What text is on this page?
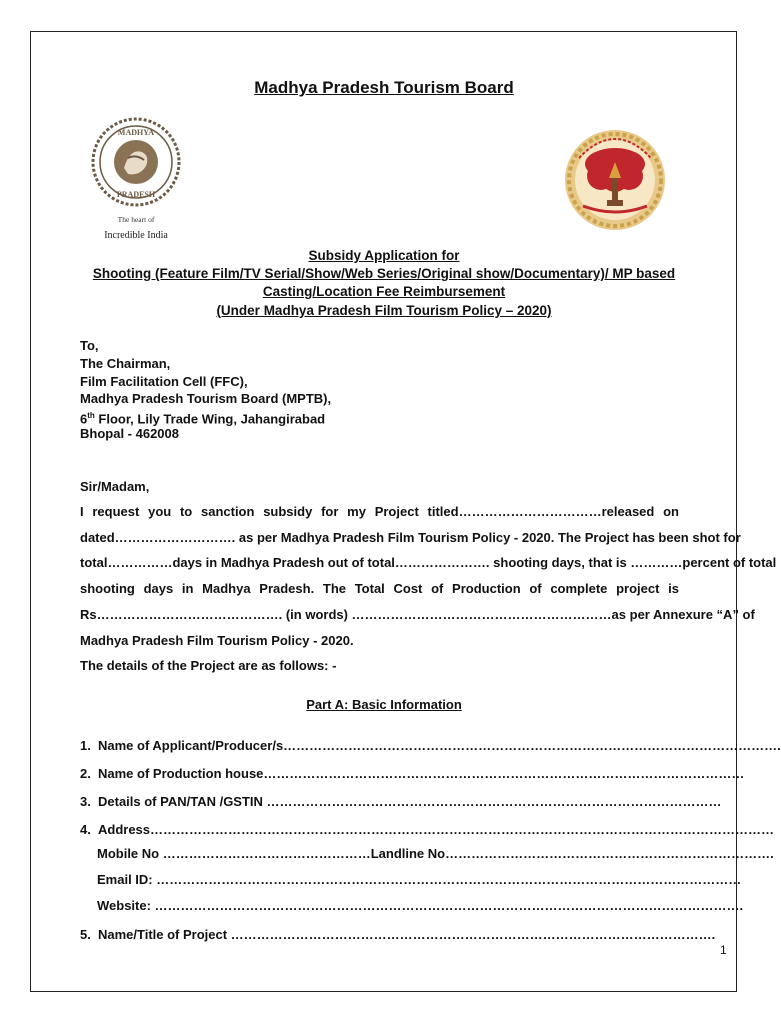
Madhya Pradesh Tourism Board
MADHYA
PRADESH
The heart of
Incredible India
Subsidy Application for
Shooting (Feature Film/TV Serial/Show/Web Series/Original show/Documentary)/ MP based
Casting/Location Fee Reimbursement
(Under Madhya Pradesh Film Tourism Policy – 2020)
To,
The Chairman,
Film Facilitation Cell (FFC),
Madhya Pradesh Tourism Board (MPTB),
6th Floor, Lily Trade Wing, Jahangirabad
Bhopal - 462008
Sir/Madam,
I request you to sanction subsidy for my Project titled……………………………released on
dated………………………. as per Madhya Pradesh Film Tourism Policy - 2020. The Project has been shot for
total……………days in Madhya Pradesh out of total…………………. shooting days, that is …………percent of total
shooting days in Madhya Pradesh. The Total Cost of Production of complete project is
Rs……………………………………. (in words) ……………………………………………………as per Annexure “A” of
Madhya Pradesh Film Tourism Policy - 2020.
The details of the Project are as follows: -
Part A: Basic Information
1. Name of Applicant/Producer/s…………………………………………………………………………………………………….
2. Name of Production house…………………………………………………………………………………………………
3. Details of PAN/TAN /GSTIN ……………………………………………………………………………………………
4. Address………………………………………………………………………………………………………………………………
Mobile No …………………………………………Landline No………………………………………………………………….
Email ID: ………………………………………………………………………………………………………………………
Website: ……………………………………………………………………………………………………………………….
5. Name/Title of Project ………………………………………………………………………………………………….
1
